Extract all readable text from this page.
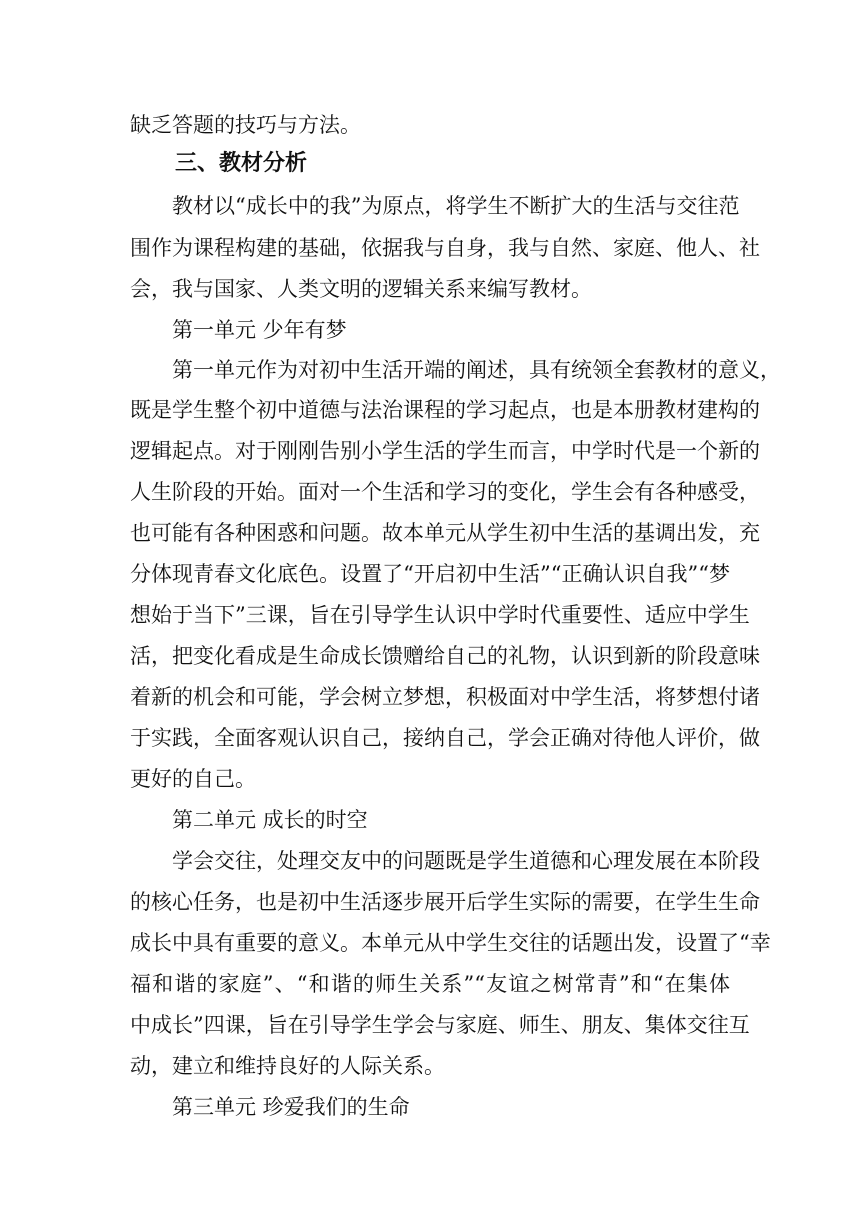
缺乏答题的技巧与方法。
三、教材分析
教材以“成长中的我”为原点，将学生不断扩大的生活与交往范
围作为课程构建的基础，依据我与自身，我与自然、家庭、他人、社
会，我与国家、人类文明的逻辑关系来编写教材。
第一单元 少年有梦
第一单元作为对初中生活开端的阐述，具有统领全套教材的意义，
既是学生整个初中道德与法治课程的学习起点，也是本册教材建构的
逻辑起点。对于刚刚告别小学生活的学生而言，中学时代是一个新的
人生阶段的开始。面对一个生活和学习的变化，学生会有各种感受，
也可能有各种困惑和问题。故本单元从学生初中生活的基调出发，充
分体现青春文化底色。设置了“开启初中生活”“正确认识自我”“梦
想始于当下”三课，旨在引导学生认识中学时代重要性、适应中学生
活，把变化看成是生命成长馈赠给自己的礼物，认识到新的阶段意味
着新的机会和可能，学会树立梦想，积极面对中学生活，将梦想付诸
于实践，全面客观认识自己，接纳自己，学会正确对待他人评价，做
更好的自己。
第二单元 成长的时空
学会交往，处理交友中的问题既是学生道德和心理发展在本阶段
的核心任务，也是初中生活逐步展开后学生实际的需要，在学生生命
成长中具有重要的意义。本单元从中学生交往的话题出发，设置了“幸
福和谐的家庭”、“和谐的师生关系”“友谊之树常青”和“在集体
中成长”四课，旨在引导学生学会与家庭、师生、朋友、集体交往互
动，建立和维持良好的人际关系。
第三单元 珍爱我们的生命
